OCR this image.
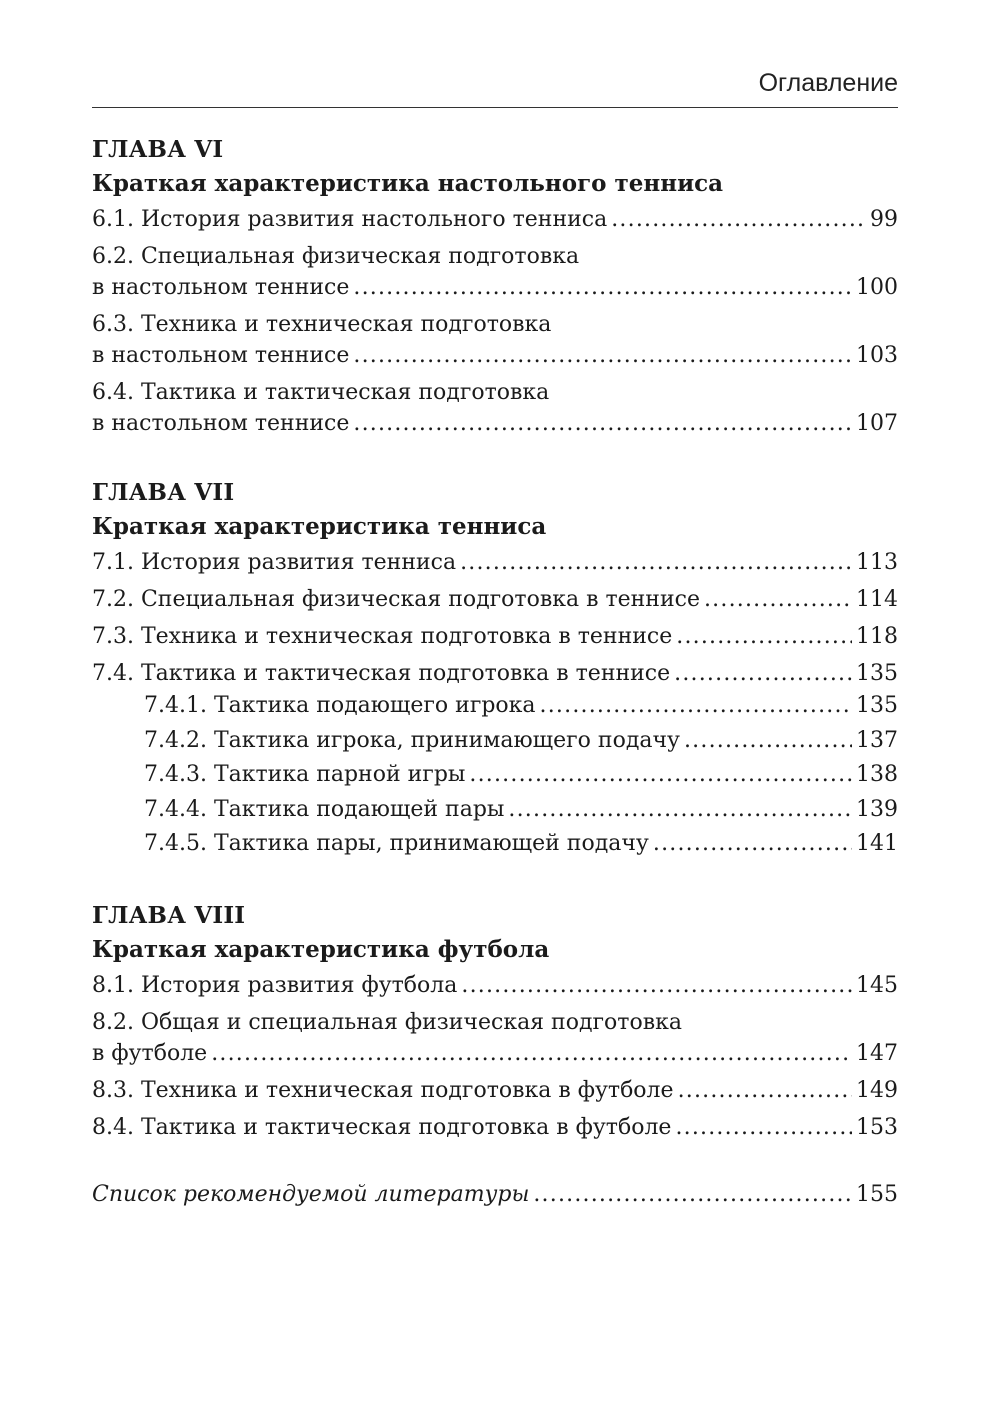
Оглавление
ГЛАВА VI
Краткая характеристика настольного тенниса
6.1. История развития настольного тенниса .....	99
6.2. Специальная физическая подготовка
в настольном теннисе .....	100
6.3. Техника и техническая подготовка
в настольном теннисе .....	103
6.4. Тактика и тактическая подготовка
в настольном теннисе .....	107
ГЛАВА VII
Краткая характеристика тенниса
7.1. История развития тенниса .....	113
7.2. Специальная физическая подготовка в теннисе .....	114
7.3. Техника и техническая подготовка в теннисе .....	118
7.4. Тактика и тактическая подготовка в теннисе .....	135
7.4.1. Тактика подающего игрока .....	135
7.4.2. Тактика игрока, принимающего подачу .....	137
7.4.3. Тактика парной игры .....	138
7.4.4. Тактика подающей пары .....	139
7.4.5. Тактика пары, принимающей подачу .....	141
ГЛАВА VIII
Краткая характеристика футбола
8.1. История развития футбола .....	145
8.2. Общая и специальная физическая подготовка
в футболе .....	147
8.3. Техника и техническая подготовка в футболе .....	149
8.4. Тактика и тактическая подготовка в футболе .....	153
Список рекомендуемой литературы .....	155
